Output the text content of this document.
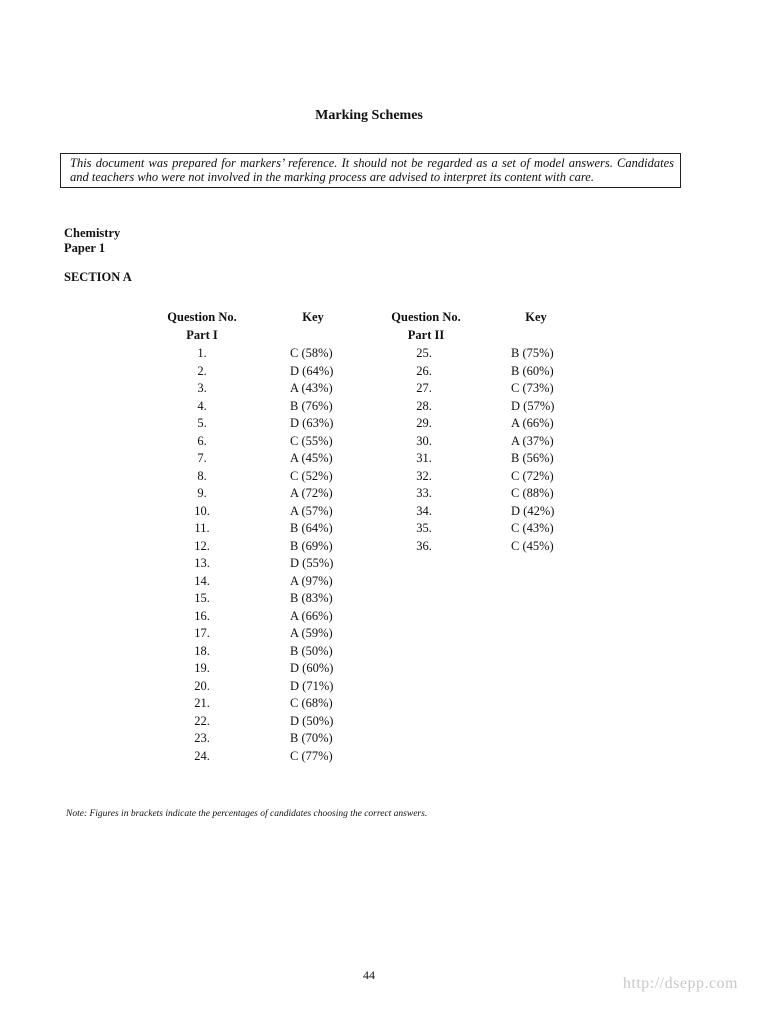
Marking Schemes
This document was prepared for markers’ reference. It should not be regarded as a set of model answers. Candidates and teachers who were not involved in the marking process are advised to interpret its content with care.
Chemistry
Paper 1
SECTION A
Question No.
Part I
Key	Question No.
Part II
Key
1.
2.
3.
4.
5.
6.
7.
8.
9.
10.
11.
12.
13.
14.
15.
16.
17.
18.
19.
20.
21.
22.
23.
24.
C (58%)
D (64%)
A (43%)
B (76%)
D (63%)
C (55%)
A (45%)
C (52%)
A (72%)
A (57%)
B (64%)
B (69%)
D (55%)
A (97%)
B (83%)
A (66%)
A (59%)
B (50%)
D (60%)
D (71%)
C (68%)
D (50%)
B (70%)
C (77%)
25.
26.
27.
28.
29.
30.
31.
32.
33.
34.
35.
36.
B (75%)
B (60%)
C (73%)
D (57%)
A (66%)
A (37%)
B (56%)
C (72%)
C (88%)
D (42%)
C (43%)
C (45%)
Note: Figures in brackets indicate the percentages of candidates choosing the correct answers.
44	http://dsepp.com
